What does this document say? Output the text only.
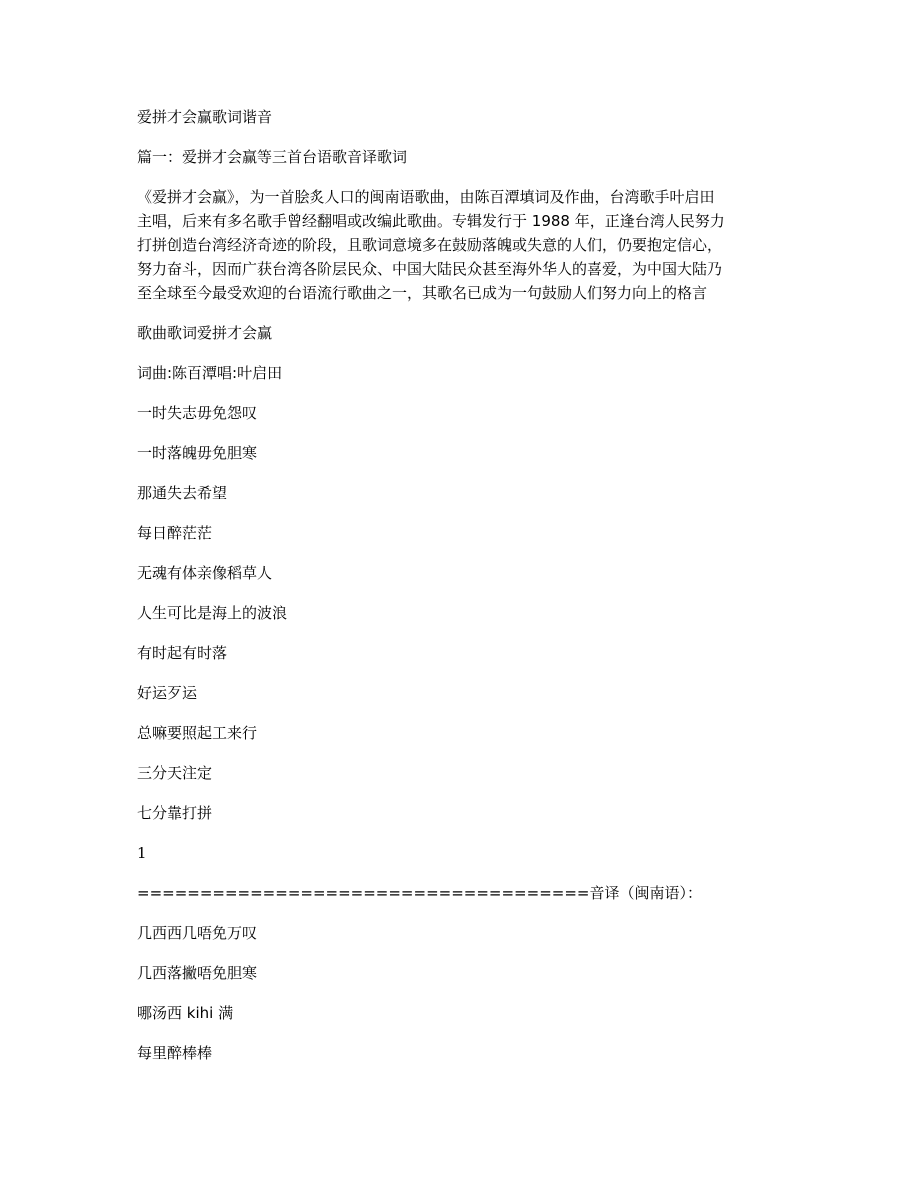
爱拼才会赢歌词谐音

篇一：爱拼才会赢等三首台语歌音译歌词

《爱拼才会赢》，为一首脍炙人口的闽南语歌曲，由陈百潭填词及作曲，台湾歌手叶启田
主唱，后来有多名歌手曾经翻唱或改编此歌曲。专辑发行于 1988 年，正逢台湾人民努力
打拼创造台湾经济奇迹的阶段，且歌词意境多在鼓励落魄或失意的人们，仍要抱定信心，
努力奋斗，因而广获台湾各阶层民众、中国大陆民众甚至海外华人的喜爱，为中国大陆乃
至全球至今最受欢迎的台语流行歌曲之一，其歌名已成为一句鼓励人们努力向上的格言

歌曲歌词爱拼才会赢

词曲:陈百潭唱:叶启田

一时失志毋免怨叹

一时落魄毋免胆寒

那通失去希望

每日醉茫茫

无魂有体亲像稻草人

人生可比是海上的波浪

有时起有时落

好运歹运

总嘛要照起工来行

三分天注定

七分靠打拼

1

====================================音译（闽南语）：

几西西几唔免万叹

几西落撇唔免胆寒

哪汤西 kihi 满

每里醉棒棒
